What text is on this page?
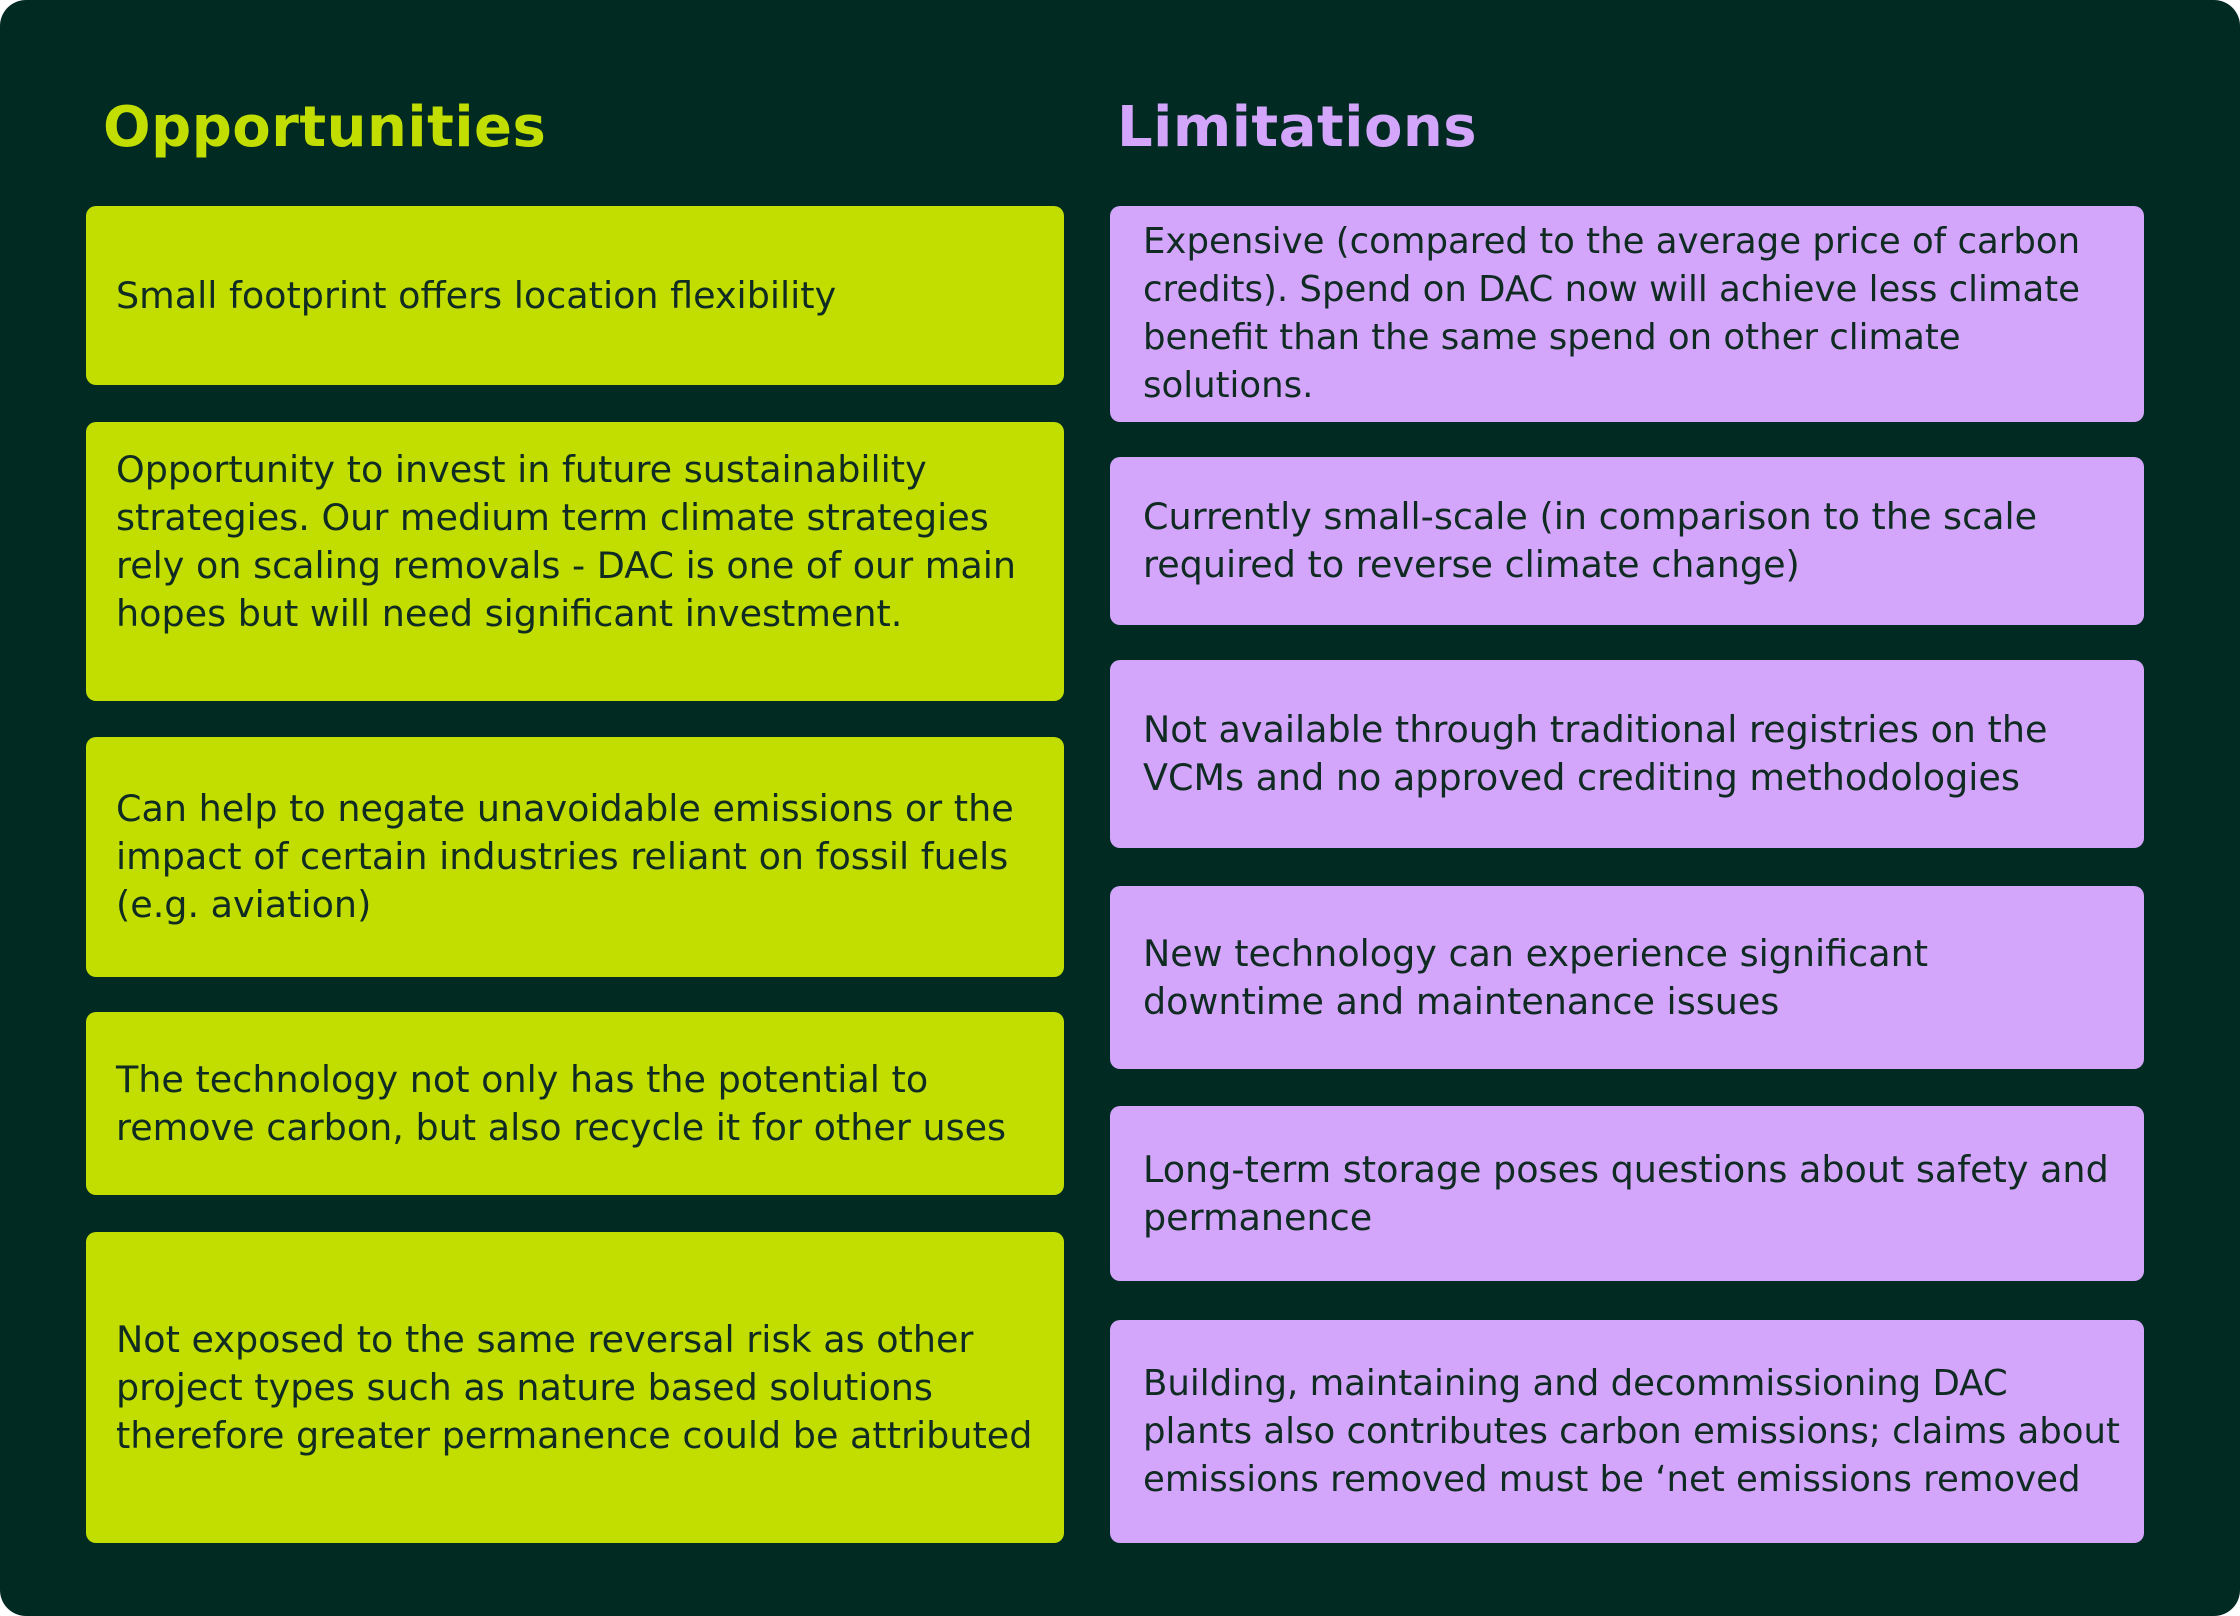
Opportunities	Limitations
Small footprint offers location flexibility
Opportunity to invest in future sustainability strategies. Our medium term climate strategies rely on scaling removals - DAC is one of our main hopes but will need significant investment.
Can help to negate unavoidable emissions or the impact of certain industries reliant on fossil fuels (e.g. aviation)
The technology not only has the potential to remove carbon, but also recycle it for other uses
Not exposed to the same reversal risk as other project types such as nature based solutions therefore greater permanence could be attributed
Expensive (compared to the average price of carbon credits). Spend on DAC now will achieve less climate benefit than the same spend on other climate solutions.
Currently small-scale (in comparison to the scale required to reverse climate change)
Not available through traditional registries on the VCMs and no approved crediting methodologies
New technology can experience significant downtime and maintenance issues
Long-term storage poses questions about safety and permanence
Building, maintaining and decommissioning DAC plants also contributes carbon emissions; claims about emissions removed must be ‘net emissions removed
